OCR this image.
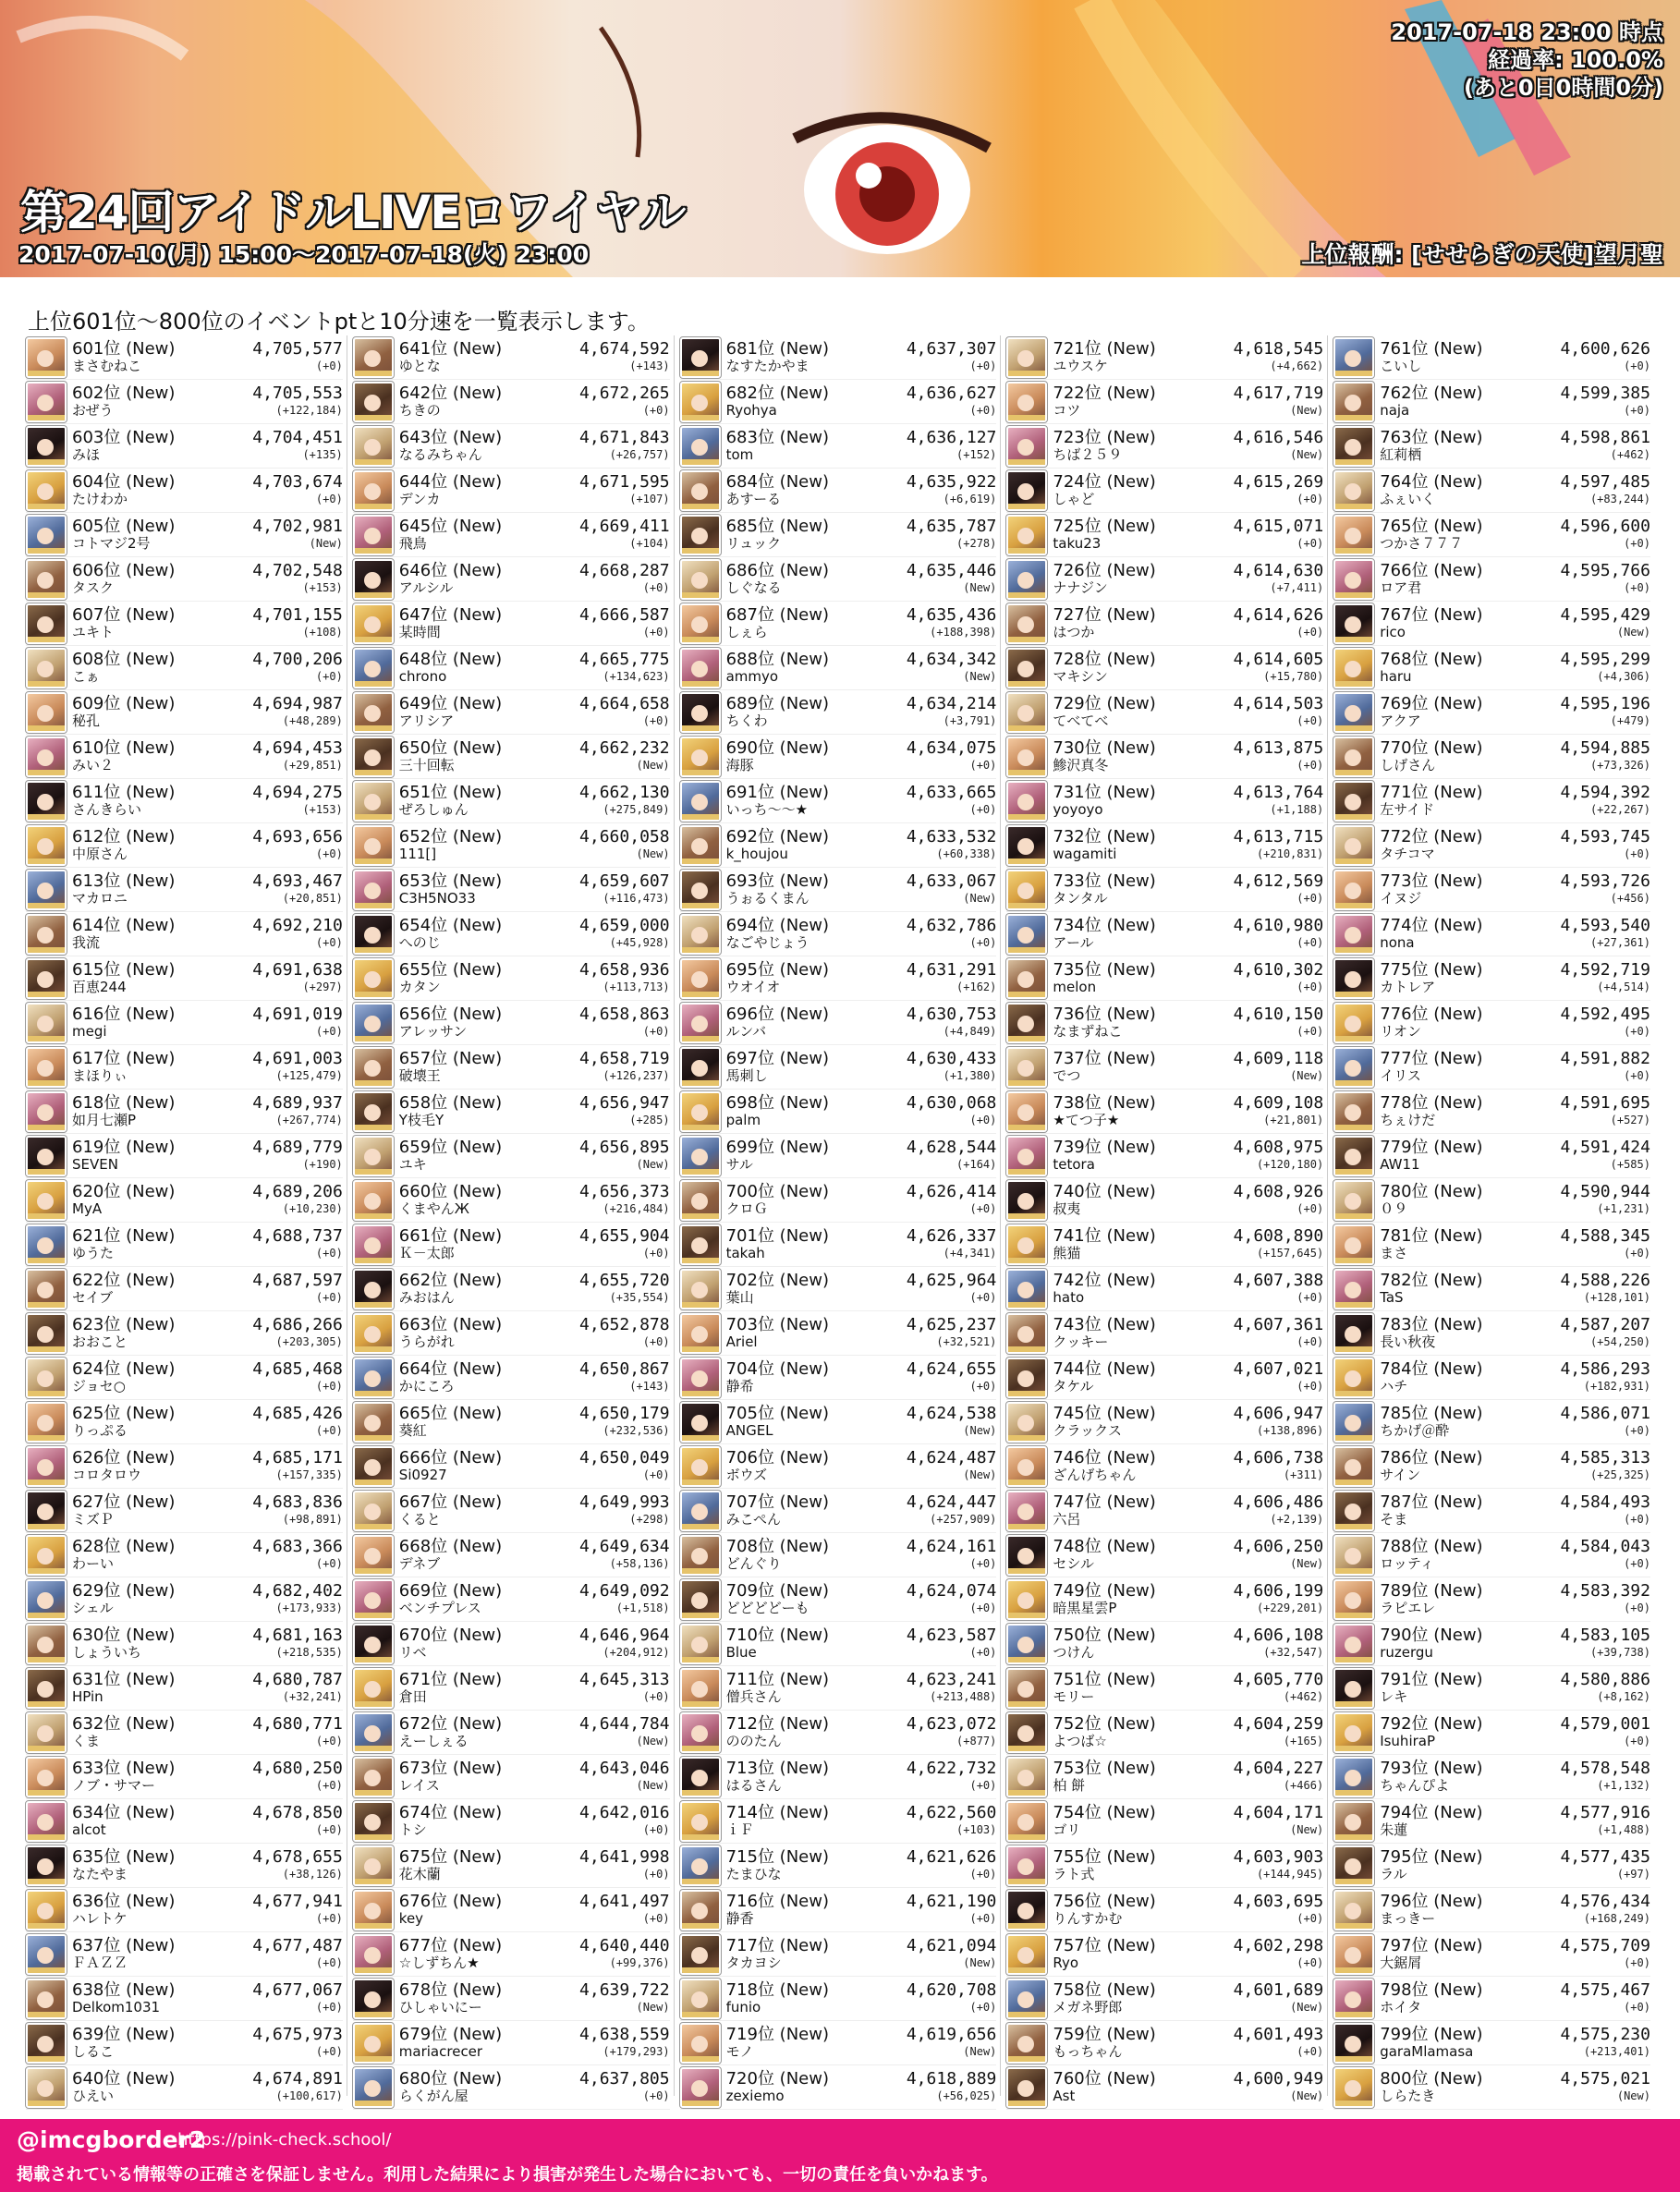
2017-07-18 23:00 時点
経過率: 100.0%
(あと0日0時間0分)
第24回アイドルLIVEロワイヤル
2017-07-10(月) 15:00〜2017-07-18(火) 23:00	上位報酬: [せせらぎの天使]望月聖
上位601位〜800位のイベントptと10分速を一覧表示します。
601位 (New)	4,705,577
まさむねこ	(+0)
602位 (New)	4,705,553
おぜう	(+122,184)
603位 (New)	4,704,451
みほ	(+135)
604位 (New)	4,703,674
たけわか	(+0)
605位 (New)	4,702,981
コトマジ2号	(New)
606位 (New)	4,702,548
タスク	(+153)
607位 (New)	4,701,155
ユキト	(+108)
608位 (New)	4,700,206
こぁ	(+0)
609位 (New)	4,694,987
秘孔	(+48,289)
610位 (New)	4,694,453
みい２	(+29,851)
611位 (New)	4,694,275
さんきらい	(+153)
612位 (New)	4,693,656
中原さん	(+0)
613位 (New)	4,693,467
マカロニ	(+20,851)
614位 (New)	4,692,210
我流	(+0)
615位 (New)	4,691,638
百恵244	(+297)
616位 (New)	4,691,019
megi	(+0)
617位 (New)	4,691,003
まほりぃ	(+125,479)
618位 (New)	4,689,937
如月七瀬P	(+267,774)
619位 (New)	4,689,779
SEVEN	(+190)
620位 (New)	4,689,206
MyA	(+10,230)
621位 (New)	4,688,737
ゆうた	(+0)
622位 (New)	4,687,597
セイブ	(+0)
623位 (New)	4,686,266
おおこと	(+203,305)
624位 (New)	4,685,468
ジョセ○	(+0)
625位 (New)	4,685,426
りっぷる	(+0)
626位 (New)	4,685,171
コロタロウ	(+157,335)
627位 (New)	4,683,836
ミズＰ	(+98,891)
628位 (New)	4,683,366
わーい	(+0)
629位 (New)	4,682,402
シェル	(+173,933)
630位 (New)	4,681,163
しょういち	(+218,535)
631位 (New)	4,680,787
HPin	(+32,241)
632位 (New)	4,680,771
くま	(+0)
633位 (New)	4,680,250
ノブ・サマー	(+0)
634位 (New)	4,678,850
alcot	(+0)
635位 (New)	4,678,655
なたやま	(+38,126)
636位 (New)	4,677,941
ハレトケ	(+0)
637位 (New)	4,677,487
ＦＡＺＺ	(+0)
638位 (New)	4,677,067
Delkom1031	(+0)
639位 (New)	4,675,973
しるこ	(+0)
640位 (New)	4,674,891
ひえい	(+100,617)
641位 (New)	4,674,592
ゆとな	(+143)
642位 (New)	4,672,265
ちきの	(+0)
643位 (New)	4,671,843
なるみちゃん	(+26,757)
644位 (New)	4,671,595
デンカ	(+107)
645位 (New)	4,669,411
飛鳥	(+104)
646位 (New)	4,668,287
アルシル	(+0)
647位 (New)	4,666,587
某時間	(+0)
648位 (New)	4,665,775
chrono	(+134,623)
649位 (New)	4,664,658
アリシア	(+0)
650位 (New)	4,662,232
三十回転	(New)
651位 (New)	4,662,130
ぜろしゅん	(+275,849)
652位 (New)	4,660,058
111[]	(New)
653位 (New)	4,659,607
C3H5NO33	(+116,473)
654位 (New)	4,659,000
へのじ	(+45,928)
655位 (New)	4,658,936
カタン	(+113,713)
656位 (New)	4,658,863
アレッサン	(+0)
657位 (New)	4,658,719
破壊王	(+126,237)
658位 (New)	4,656,947
Y枝毛Y	(+285)
659位 (New)	4,656,895
ユキ	(New)
660位 (New)	4,656,373
くまやんЖ	(+216,484)
661位 (New)	4,655,904
Ｋ－太郎	(+0)
662位 (New)	4,655,720
みおはん	(+35,554)
663位 (New)	4,652,878
うらがれ	(+0)
664位 (New)	4,650,867
かにころ	(+143)
665位 (New)	4,650,179
葵紅	(+232,536)
666位 (New)	4,650,049
Si0927	(+0)
667位 (New)	4,649,993
くると	(+298)
668位 (New)	4,649,634
デネブ	(+58,136)
669位 (New)	4,649,092
ベンチプレス	(+1,518)
670位 (New)	4,646,964
リベ	(+204,912)
671位 (New)	4,645,313
倉田	(+0)
672位 (New)	4,644,784
えーしぇる	(New)
673位 (New)	4,643,046
レイス	(New)
674位 (New)	4,642,016
トシ	(+0)
675位 (New)	4,641,998
花木蘭	(+0)
676位 (New)	4,641,497
key	(+0)
677位 (New)	4,640,440
☆しずちん★	(+99,376)
678位 (New)	4,639,722
ひしゃいにー	(New)
679位 (New)	4,638,559
mariacrecer	(+179,293)
680位 (New)	4,637,805
らくがん屋	(+0)
681位 (New)	4,637,307
なすたかやま	(+0)
682位 (New)	4,636,627
Ryohya	(+0)
683位 (New)	4,636,127
tom	(+152)
684位 (New)	4,635,922
あすーる	(+6,619)
685位 (New)	4,635,787
リュック	(+278)
686位 (New)	4,635,446
しぐなる	(New)
687位 (New)	4,635,436
しぇら	(+188,398)
688位 (New)	4,634,342
ammyo	(New)
689位 (New)	4,634,214
ちくわ	(+3,791)
690位 (New)	4,634,075
海豚	(+0)
691位 (New)	4,633,665
いっち〜～★	(+0)
692位 (New)	4,633,532
k_houjou	(+60,338)
693位 (New)	4,633,067
うぉるくまん	(New)
694位 (New)	4,632,786
なごやじょう	(+0)
695位 (New)	4,631,291
ウオイオ	(+162)
696位 (New)	4,630,753
ルンバ	(+4,849)
697位 (New)	4,630,433
馬刺し	(+1,380)
698位 (New)	4,630,068
palm	(+0)
699位 (New)	4,628,544
サル	(+164)
700位 (New)	4,626,414
クロＧ	(+0)
701位 (New)	4,626,337
takah	(+4,341)
702位 (New)	4,625,964
葉山	(+0)
703位 (New)	4,625,237
Ariel	(+32,521)
704位 (New)	4,624,655
静希	(+0)
705位 (New)	4,624,538
ANGEL	(New)
706位 (New)	4,624,487
ボウズ	(New)
707位 (New)	4,624,447
みこぺん	(+257,909)
708位 (New)	4,624,161
どんぐり	(+0)
709位 (New)	4,624,074
どどどどーも	(+0)
710位 (New)	4,623,587
Blue	(+0)
711位 (New)	4,623,241
僧兵さん	(+213,488)
712位 (New)	4,623,072
ののたん	(+877)
713位 (New)	4,622,732
はるさん	(+0)
714位 (New)	4,622,560
ｉＦ	(+103)
715位 (New)	4,621,626
たまひな	(+0)
716位 (New)	4,621,190
静香	(+0)
717位 (New)	4,621,094
タカヨシ	(New)
718位 (New)	4,620,708
funio	(+0)
719位 (New)	4,619,656
モノ	(New)
720位 (New)	4,618,889
zexiemo	(+56,025)
721位 (New)	4,618,545
ユウスケ	(+4,662)
722位 (New)	4,617,719
コツ	(New)
723位 (New)	4,616,546
ちば２５９	(New)
724位 (New)	4,615,269
しゃど	(+0)
725位 (New)	4,615,071
taku23	(+0)
726位 (New)	4,614,630
ナナジン	(+7,411)
727位 (New)	4,614,626
はつか	(+0)
728位 (New)	4,614,605
マキシン	(+15,780)
729位 (New)	4,614,503
てべてべ	(+0)
730位 (New)	4,613,875
鯵沢真冬	(+0)
731位 (New)	4,613,764
yoyoyo	(+1,188)
732位 (New)	4,613,715
wagamiti	(+210,831)
733位 (New)	4,612,569
タンタル	(+0)
734位 (New)	4,610,980
アール	(+0)
735位 (New)	4,610,302
melon	(+0)
736位 (New)	4,610,150
なまずねこ	(+0)
737位 (New)	4,609,118
でつ	(New)
738位 (New)	4,609,108
★てつ子★	(+21,801)
739位 (New)	4,608,975
tetora	(+120,180)
740位 (New)	4,608,926
叔夷	(+0)
741位 (New)	4,608,890
熊猫	(+157,645)
742位 (New)	4,607,388
hato	(+0)
743位 (New)	4,607,361
クッキー	(+0)
744位 (New)	4,607,021
タケル	(+0)
745位 (New)	4,606,947
クラックス	(+138,896)
746位 (New)	4,606,738
ざんげちゃん	(+311)
747位 (New)	4,606,486
六呂	(+2,139)
748位 (New)	4,606,250
セシル	(New)
749位 (New)	4,606,199
暗黒星雲P	(+229,201)
750位 (New)	4,606,108
つけん	(+32,547)
751位 (New)	4,605,770
モリー	(+462)
752位 (New)	4,604,259
よつば☆	(+165)
753位 (New)	4,604,227
柏 餅	(+466)
754位 (New)	4,604,171
ゴリ	(New)
755位 (New)	4,603,903
ラト式	(+144,945)
756位 (New)	4,603,695
りんすかむ	(+0)
757位 (New)	4,602,298
Ryo	(+0)
758位 (New)	4,601,689
メガネ野郎	(New)
759位 (New)	4,601,493
もっちゃん	(+0)
760位 (New)	4,600,949
Ast	(New)
761位 (New)	4,600,626
こいし	(+0)
762位 (New)	4,599,385
naja	(+0)
763位 (New)	4,598,861
紅莉栖	(+462)
764位 (New)	4,597,485
ふぇいく	(+83,244)
765位 (New)	4,596,600
つかさ７７７	(+0)
766位 (New)	4,595,766
ロア君	(+0)
767位 (New)	4,595,429
rico	(New)
768位 (New)	4,595,299
haru	(+4,306)
769位 (New)	4,595,196
アクア	(+479)
770位 (New)	4,594,885
しげさん	(+73,326)
771位 (New)	4,594,392
左サイド	(+22,267)
772位 (New)	4,593,745
タチコマ	(+0)
773位 (New)	4,593,726
イヌジ	(+456)
774位 (New)	4,593,540
nona	(+27,361)
775位 (New)	4,592,719
カトレア	(+4,514)
776位 (New)	4,592,495
リオン	(+0)
777位 (New)	4,591,882
イリス	(+0)
778位 (New)	4,591,695
ちぇけだ	(+527)
779位 (New)	4,591,424
AW11	(+585)
780位 (New)	4,590,944
０９	(+1,231)
781位 (New)	4,588,345
まさ	(+0)
782位 (New)	4,588,226
TaS	(+128,101)
783位 (New)	4,587,207
長い秋夜	(+54,250)
784位 (New)	4,586,293
ハチ	(+182,931)
785位 (New)	4,586,071
ちかげ＠酔	(+0)
786位 (New)	4,585,313
サイン	(+25,325)
787位 (New)	4,584,493
そま	(+0)
788位 (New)	4,584,043
ロッティ	(+0)
789位 (New)	4,583,392
ラピエレ	(+0)
790位 (New)	4,583,105
ruzergu	(+39,738)
791位 (New)	4,580,886
レキ	(+8,162)
792位 (New)	4,579,001
IsuhiraP	(+0)
793位 (New)	4,578,548
ちゃんぴよ	(+1,132)
794位 (New)	4,577,916
朱蓮	(+1,488)
795位 (New)	4,577,435
ラル	(+97)
796位 (New)	4,576,434
まっきー	(+168,249)
797位 (New)	4,575,709
大鋸屑	(+0)
798位 (New)	4,575,467
ホイタ	(+0)
799位 (New)	4,575,230
garaMlamasa	(+213,401)
800位 (New)	4,575,021
しらたき	(New)
@imcgborder2
https://pink-check.school/
掲載されている情報等の正確さを保証しません。利用した結果により損害が発生した場合においても、一切の責任を負いかねます。
